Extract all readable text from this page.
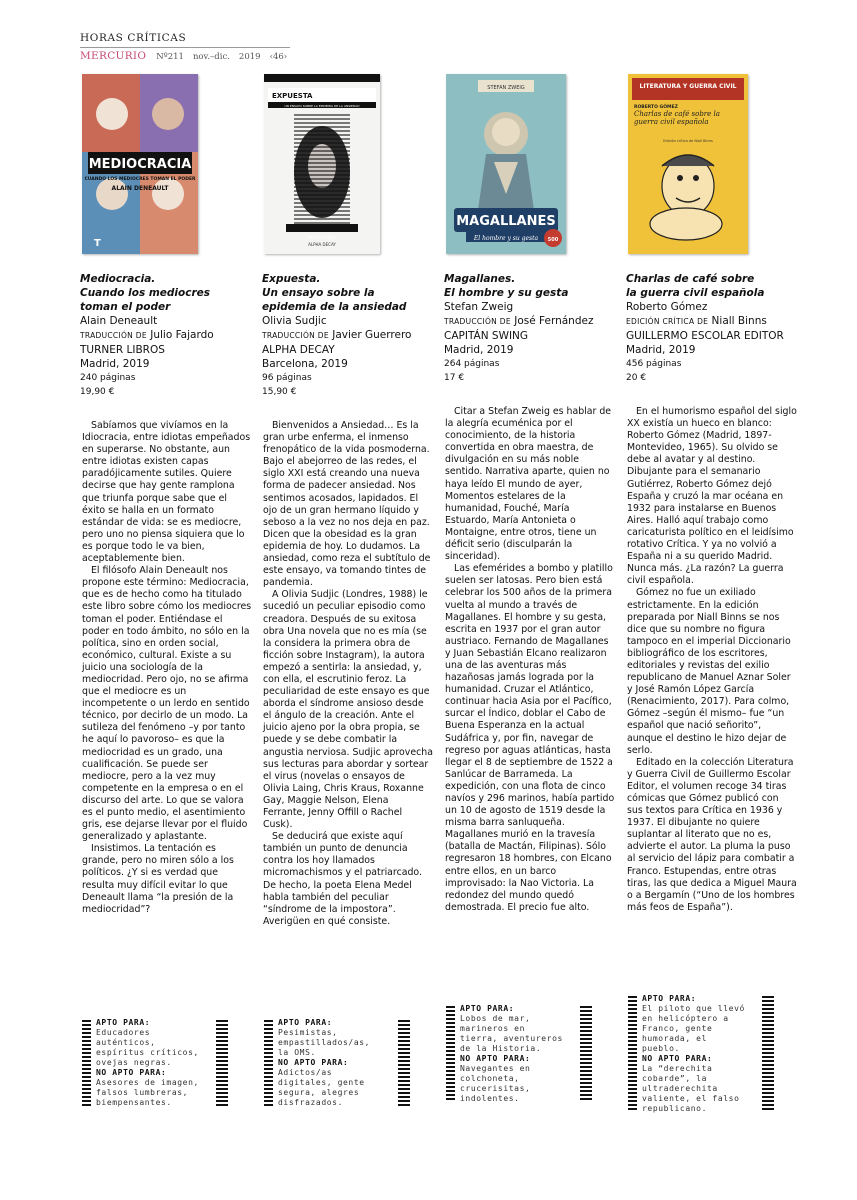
HORAS CRÍTICAS
MERCURIO Nº211 nov.–dic. 2019 ‹46›
MEDIOCRACIA
CUANDO LOS MEDIOCRES TOMAN EL PODER
ALAIN DENEAULT
T
Mediocracia.
Cuando los mediocres
toman el poder
Alain Deneault
TRADUCCIÓN DE Julio Fajardo
TURNER LIBROS
Madrid, 2019
240 páginas
19,90 €
EXPUESTA
UN ENSAYO SOBRE LA EPIDEMIA DE LA ANSIEDAD
ALPHA DECAY
OLIVIA SUDJIC
Expuesta.
Un ensayo sobre la
epidemia de la ansiedad
Olivia Sudjic
TRADUCCIÓN DE Javier Guerrero
ALPHA DECAY
Barcelona, 2019
96 páginas
15,90 €
STEFAN ZWEIG
MAGALLANES
El hombre y su gesta 500
Magallanes.
El hombre y su gesta
Stefan Zweig
TRADUCCIÓN DE José Fernández
CAPITÁN SWING
Madrid, 2019
264 páginas
17 €
LITERATURA Y GUERRA CIVIL
ROBERTO GÓMEZ
Charlas de café sobre la guerra civil española
Edición crítica de Niall Binns
Charlas de café sobre
la guerra civil española
Roberto Gómez
EDICIÓN CRÍTICA DE Niall Binns
GUILLERMO ESCOLAR EDITOR
Madrid, 2019
456 páginas
20 €

Sabíamos que vivíamos en la Idiocracia, entre idiotas empeñados en superarse. No obstante, aun entre idiotas existen capas paradójicamente sutiles. Quiere decirse que hay gente ramplona que triunfa porque sabe que el éxito se halla en un formato estándar de vida: se es mediocre, pero uno no piensa siquiera que lo es porque todo le va bien, aceptablemente bien.

El filósofo Alain Deneault nos propone este término: Mediocracia, que es de hecho como ha titulado este libro sobre cómo los mediocres toman el poder. Entiéndase el poder en todo ámbito, no sólo en la política, sino en orden social, económico, cultural. Existe a su juicio una sociología de la mediocridad. Pero ojo, no se afirma que el mediocre es un incompetente o un lerdo en sentido técnico, por decirlo de un modo. La sutileza del fenómeno –y por tanto he aquí lo pavoroso– es que la mediocridad es un grado, una cualificación. Se puede ser mediocre, pero a la vez muy competente en la empresa o en el discurso del arte. Lo que se valora es el punto medio, el asentimiento gris, ese dejarse llevar por el fluido generalizado y aplastante.

Insistimos. La tentación es grande, pero no miren sólo a los políticos. ¿Y si es verdad que resulta muy difícil evitar lo que Deneault llama “la presión de la mediocridad”?

Bienvenidos a Ansiedad… Es la gran urbe enferma, el inmenso frenopático de la vida posmoderna. Bajo el abejorreo de las redes, el siglo XXI está creando una nueva forma de padecer ansiedad. Nos sentimos acosados, lapidados. El ojo de un gran hermano líquido y seboso a la vez no nos deja en paz. Dicen que la obesidad es la gran epidemia de hoy. Lo dudamos. La ansiedad, como reza el subtítulo de este ensayo, va tomando tintes de pandemia.

A Olivia Sudjic (Londres, 1988) le sucedió un peculiar episodio como creadora. Después de su exitosa obra Una novela que no es mía (se la considera la primera obra de ficción sobre Instagram), la autora empezó a sentirla: la ansiedad, y, con ella, el escrutinio feroz. La peculiaridad de este ensayo es que aborda el síndrome ansioso desde el ángulo de la creación. Ante el juicio ajeno por la obra propia, se puede y se debe combatir la angustia nerviosa. Sudjic aprovecha sus lecturas para abordar y sortear el virus (novelas o ensayos de Olivia Laing, Chris Kraus, Roxanne Gay, Maggie Nelson, Elena Ferrante, Jenny Offill o Rachel Cusk).

Se deducirá que existe aquí también un punto de denuncia contra los hoy llamados micromachismos y el patriarcado. De hecho, la poeta Elena Medel habla también del peculiar “síndrome de la impostora”. Averigüen en qué consiste.

Citar a Stefan Zweig es hablar de la alegría ecuménica por el conocimiento, de la historia convertida en obra maestra, de divulgación en su más noble sentido. Narrativa aparte, quien no haya leído El mundo de ayer, Momentos estelares de la humanidad, Fouché, María Estuardo, María Antonieta o Montaigne, entre otros, tiene un déficit serio (disculparán la sinceridad).

Las efemérides a bombo y platillo suelen ser latosas. Pero bien está celebrar los 500 años de la primera vuelta al mundo a través de Magallanes. El hombre y su gesta, escrita en 1937 por el gran autor austriaco. Fernando de Magallanes y Juan Sebastián Elcano realizaron una de las aventuras más hazañosas jamás lograda por la humanidad. Cruzar el Atlántico, continuar hacia Asia por el Pacífico, surcar el Índico, doblar el Cabo de Buena Esperanza en la actual Sudáfrica y, por fin, navegar de regreso por aguas atlánticas, hasta llegar el 8 de septiembre de 1522 a Sanlúcar de Barrameda. La expedición, con una flota de cinco navíos y 296 marinos, había partido un 10 de agosto de 1519 desde la misma barra sanluqueña. Magallanes murió en la travesía (batalla de Mactán, Filipinas). Sólo regresaron 18 hombres, con Elcano entre ellos, en un barco improvisado: la Nao Victoria. La redondez del mundo quedó demostrada. El precio fue alto.

En el humorismo español del siglo XX existía un hueco en blanco: Roberto Gómez (Madrid, 1897-Montevideo, 1965). Su olvido se debe al avatar y al destino. Dibujante para el semanario Gutiérrez, Roberto Gómez dejó España y cruzó la mar océana en 1932 para instalarse en Buenos Aires. Halló aquí trabajo como caricaturista político en el leidísimo rotativo Crítica. Y ya no volvió a España ni a su querido Madrid. Nunca más. ¿La razón? La guerra civil española.

Gómez no fue un exiliado estrictamente. En la edición preparada por Niall Binns se nos dice que su nombre no figura tampoco en el imperial Diccionario bibliográfico de los escritores, editoriales y revistas del exilio republicano de Manuel Aznar Soler y José Ramón López García (Renacimiento, 2017). Para colmo, Gómez –según él mismo– fue “un español que nació señorito”, aunque el destino le hizo dejar de serlo.

Editado en la colección Literatura y Guerra Civil de Guillermo Escolar Editor, el volumen recoge 34 tiras cómicas que Gómez publicó con sus textos para Crítica en 1936 y 1937. El dibujante no quiere suplantar al literato que no es, advierte el autor. La pluma la puso al servicio del lápiz para combatir a Franco. Estupendas, entre otras tiras, las que dedica a Miguel Maura o a Bergamín (“Uno de los hombres más feos de España”).

APTO PARA:
Educadores auténticos, espíritus críticos, ovejas negras.
NO APTO PARA:
Asesores de imagen, falsos lumbreras, biempensantes.
APTO PARA:
Pesimistas, empastillados/as, la OMS.
NO APTO PARA:
Adictos/as digitales, gente segura, alegres disfrazados.
APTO PARA:
Lobos de mar, marineros en tierra, aventureros de la Historia.
NO APTO PARA:
Navegantes en colchoneta, crucerisitas, indolentes.
APTO PARA:
El piloto que llevó en helicóptero a Franco, gente humorada, el pueblo.
NO APTO PARA:
La “derechita cobarde”, la ultraderechita valiente, el falso republicano.
